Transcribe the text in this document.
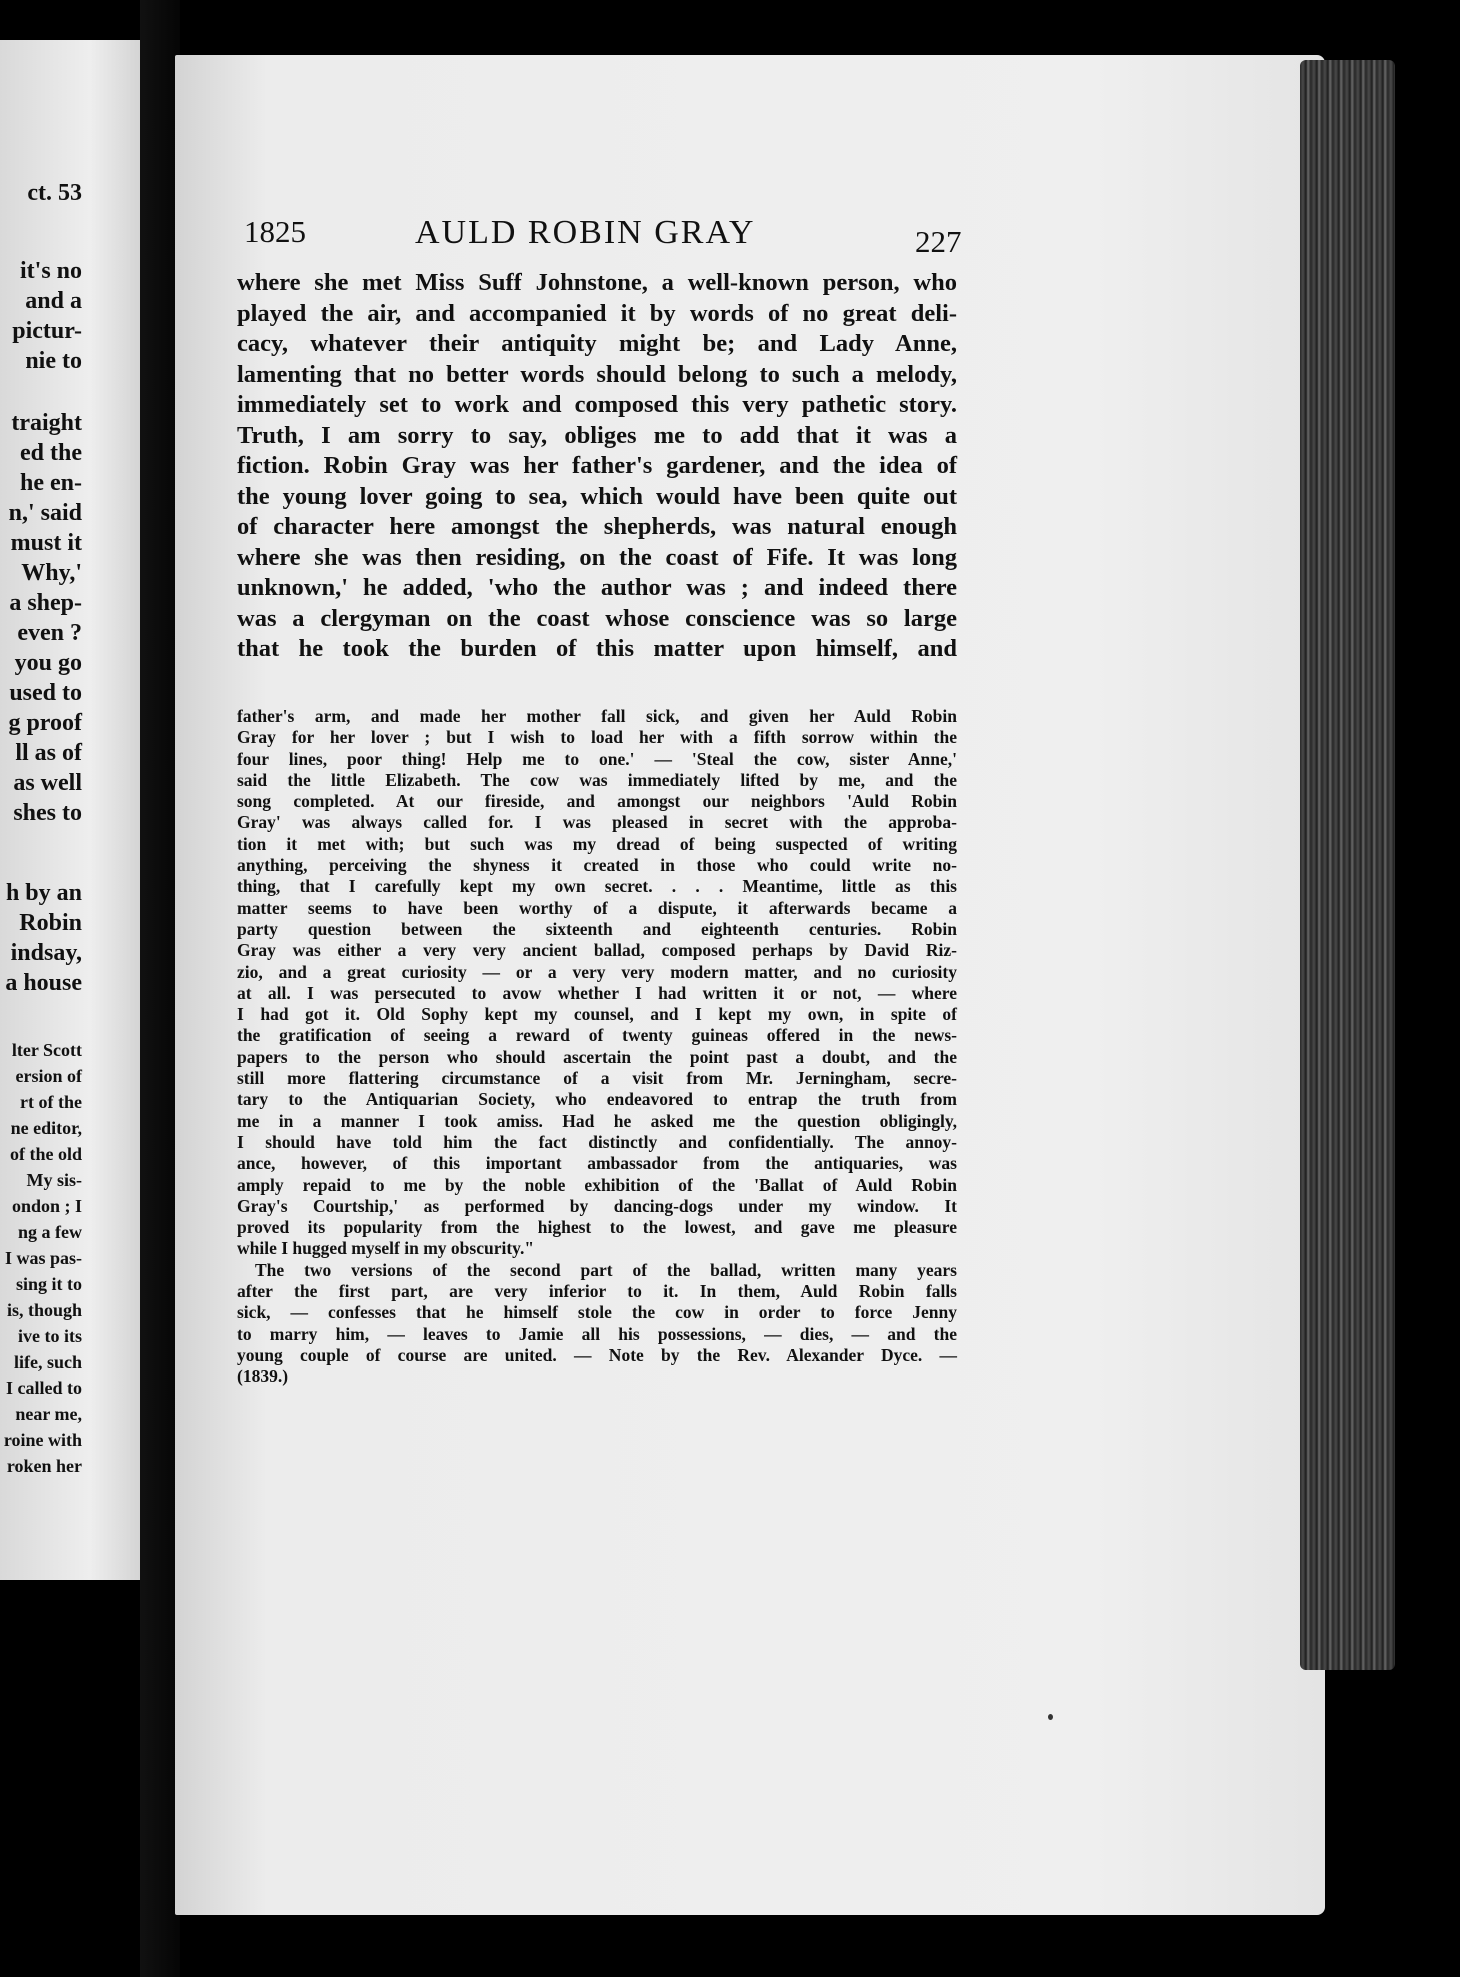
ct. 53

it's no

and a

pictur-

nie to

traight

ed the

he en-

n,' said

must it

Why,'

a shep-

even ?

you go

used to

g proof

ll as of

as well

shes to

h by an

Robin

indsay,

a house

lter Scott

ersion of

rt of the

ne editor,

of the old

My sis-

ondon ; I

ng a few

I was pas-

sing it to

is, though

ive to its

life, such

I called to

near me,

roine with

roken her

1825	AULD ROBIN GRAY	227

where she met Miss Suff Johnstone, a well-known person, who
played the air, and accompanied it by words of no great deli-
cacy, whatever their antiquity might be; and Lady Anne,
lamenting that no better words should belong to such a melody,
immediately set to work and composed this very pathetic story.
Truth, I am sorry to say, obliges me to add that it was a
fiction. Robin Gray was her father's gardener, and the idea of
the young lover going to sea, which would have been quite out
of character here amongst the shepherds, was natural enough
where she was then residing, on the coast of Fife. It was long
unknown,' he added, 'who the author was ; and indeed there
was a clergyman on the coast whose conscience was so large
that he took the burden of this matter upon himself, and
father's arm, and made her mother fall sick, and given her Auld Robin
Gray for her lover ; but I wish to load her with a fifth sorrow within the
four lines, poor thing! Help me to one.' — 'Steal the cow, sister Anne,'
said the little Elizabeth. The cow was immediately lifted by me, and the
song completed. At our fireside, and amongst our neighbors 'Auld Robin
Gray' was always called for. I was pleased in secret with the approba-
tion it met with; but such was my dread of being suspected of writing
anything, perceiving the shyness it created in those who could write no-
thing, that I carefully kept my own secret. . . . Meantime, little as this
matter seems to have been worthy of a dispute, it afterwards became a
party question between the sixteenth and eighteenth centuries. Robin
Gray was either a very very ancient ballad, composed perhaps by David Riz-
zio, and a great curiosity — or a very very modern matter, and no curiosity
at all. I was persecuted to avow whether I had written it or not, — where
I had got it. Old Sophy kept my counsel, and I kept my own, in spite of
the gratification of seeing a reward of twenty guineas offered in the news-
papers to the person who should ascertain the point past a doubt, and the
still more flattering circumstance of a visit from Mr. Jerningham, secre-
tary to the Antiquarian Society, who endeavored to entrap the truth from
me in a manner I took amiss. Had he asked me the question obligingly,
I should have told him the fact distinctly and confidentially. The annoy-
ance, however, of this important ambassador from the antiquaries, was
amply repaid to me by the noble exhibition of the 'Ballat of Auld Robin
Gray's Courtship,' as performed by dancing-dogs under my window. It
proved its popularity from the highest to the lowest, and gave me pleasure
while I hugged myself in my obscurity."
The two versions of the second part of the ballad, written many years
after the first part, are very inferior to it. In them, Auld Robin falls
sick, — confesses that he himself stole the cow in order to force Jenny
to marry him, — leaves to Jamie all his possessions, — dies, — and the
young couple of course are united. — Note by the Rev. Alexander Dyce. —
(1839.)
